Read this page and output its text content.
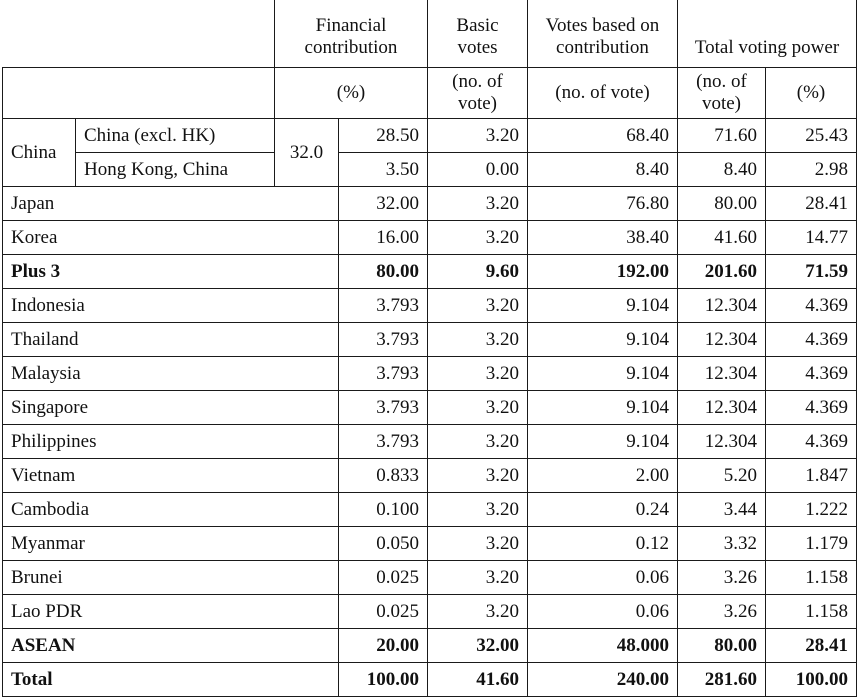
		Financial contribution		Basic votes	Votes based on contribution	Total voting power	
		(%)		(no. of vote)	(no. of vote)	(no. of vote)	(%)
China	China (excl. HK)	32.0	28.50	3.20	68.40	71.60	25.43
	Hong Kong, China		3.50	0.00	8.40	8.40	2.98
Japan			32.00	3.20	76.80	80.00	28.41
Korea			16.00	3.20	38.40	41.60	14.77
Plus 3			80.00	9.60	192.00	201.60	71.59
Indonesia			3.793	3.20	9.104	12.304	4.369
Thailand			3.793	3.20	9.104	12.304	4.369
Malaysia			3.793	3.20	9.104	12.304	4.369
Singapore			3.793	3.20	9.104	12.304	4.369
Philippines			3.793	3.20	9.104	12.304	4.369
Vietnam			0.833	3.20	2.00	5.20	1.847
Cambodia			0.100	3.20	0.24	3.44	1.222
Myanmar			0.050	3.20	0.12	3.32	1.179
Brunei			0.025	3.20	0.06	3.26	1.158
Lao PDR			0.025	3.20	0.06	3.26	1.158
ASEAN			20.00	32.00	48.000	80.00	28.41
Total			100.00	41.60	240.00	281.60	100.00
